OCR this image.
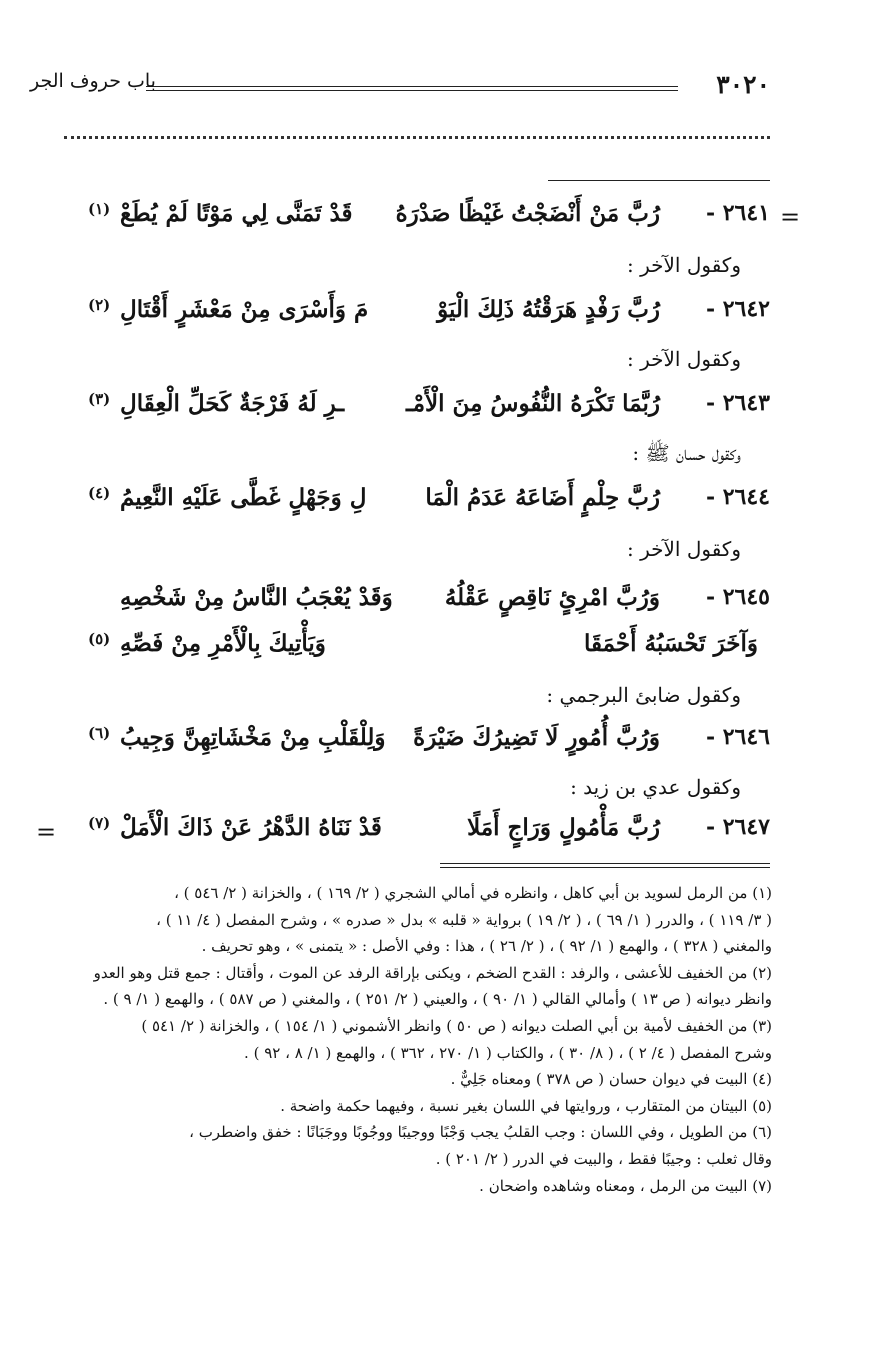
٣٠٢٠
باب حروف الجر
=
٢٦٤١ -
رُبَّ مَنْ أَنْضَجْتُ غَيْظًا صَدْرَهُ
قَدْ تَمَنَّى لِي مَوْتًا لَمْ يُطَعْ
(١)
وكقول الآخر :
٢٦٤٢ -
رُبَّ رَفْدٍ هَرَقْتُهُ ذَلِكَ الْيَوْ
مَ وَأَسْرَى مِنْ مَعْشَرٍ أَقْتَالِ
(٢)
وكقول الآخر :
٢٦٤٣ -
رُبَّمَا تَكْرَهُ النُّفُوسُ مِنَ الْأَمْـ
ـرِ لَهُ فَرْجَةٌ كَحَلِّ الْعِقَالِ
(٣)
وكقول حسان ﷺ :
٢٦٤٤ -
رُبَّ حِلْمٍ أَضَاعَهُ عَدَمُ الْمَا
لِ وَجَهْلٍ غَطَّى عَلَيْهِ النَّعِيمُ
(٤)
وكقول الآخر :
٢٦٤٥ -
وَرُبَّ امْرِئٍ نَاقِصٍ عَقْلُهُ
وَقَدْ يُعْجَبُ النَّاسُ مِنْ شَخْصِهِ
وَآخَرَ تَحْسَبُهُ أَحْمَقَا
وَيَأْتِيكَ بِالْأَمْرِ مِنْ فَصِّهِ
(٥)
وكقول ضابئ البرجمي :
٢٦٤٦ -
وَرُبَّ أُمُورٍ لَا تَضِيرُكَ ضَيْرَةً
وَلِلْقَلْبِ مِنْ مَخْشَاتِهِنَّ وَجِيبُ
(٦)
وكقول عدي بن زيد :
٢٦٤٧ -
رُبَّ مَأْمُولٍ وَرَاجٍ أَمَلًا
قَدْ نَنَاهُ الدَّهْرُ عَنْ ذَاكَ الْأَمَلْ
(٧)
=
(١) من الرمل لسويد بن أبي كاهل ، وانظره في أمالي الشجري ( ٢/ ١٦٩ ) ، والخزانة ( ٢/ ٥٤٦ ) ،
( ٣/ ١١٩ ) ، والدرر ( ١/ ٦٩ ) ، ( ٢/ ١٩ ) برواية « قلبه » بدل « صدره » ، وشرح المفصل ( ٤/ ١١ ) ،
والمغني ( ٣٢٨ ) ، والهمع ( ١/ ٩٢ ) ، ( ٢/ ٢٦ ) ، هذا : وفي الأصل : « يتمنى » ، وهو تحريف .
(٢) من الخفيف للأعشى ، والرفد : القدح الضخم ، ويكنى بإراقة الرفد عن الموت ، وأقتال : جمع قتل وهو العدو
وانظر ديوانه ( ص ١٣ ) وأمالي القالي ( ١/ ٩٠ ) ، والعيني ( ٢/ ٢٥١ ) ، والمغني ( ص ٥٨٧ ) ، والهمع ( ١/ ٩ ) .
(٣) من الخفيف لأمية بن أبي الصلت ديوانه ( ص ٥٠ ) وانظر الأشموني ( ١/ ١٥٤ ) ، والخزانة ( ٢/ ٥٤١ )
وشرح المفصل ( ٤/ ٢ ) ، ( ٨/ ٣٠ ) ، والكتاب ( ١/ ٢٧٠ ، ٣٦٢ ) ، والهمع ( ١/ ٨ ، ٩٢ ) .
(٤) البيت في ديوان حسان ( ص ٣٧٨ ) ومعناه جَلِيٌّ .
(٥) البيتان من المتقارب ، وروايتها في اللسان بغير نسبة ، وفيهما حكمة واضحة .
(٦) من الطويل ، وفي اللسان : وجب القلبُ يجب وَجْبًا ووجيبًا ووجُوبًا ووجَبَانًا : خفق واضطرب ،
وقال ثعلب : وجيبًا فقط ، والبيت في الدرر ( ٢/ ٢٠١ ) .
(٧) البيت من الرمل ، ومعناه وشاهده واضحان .
